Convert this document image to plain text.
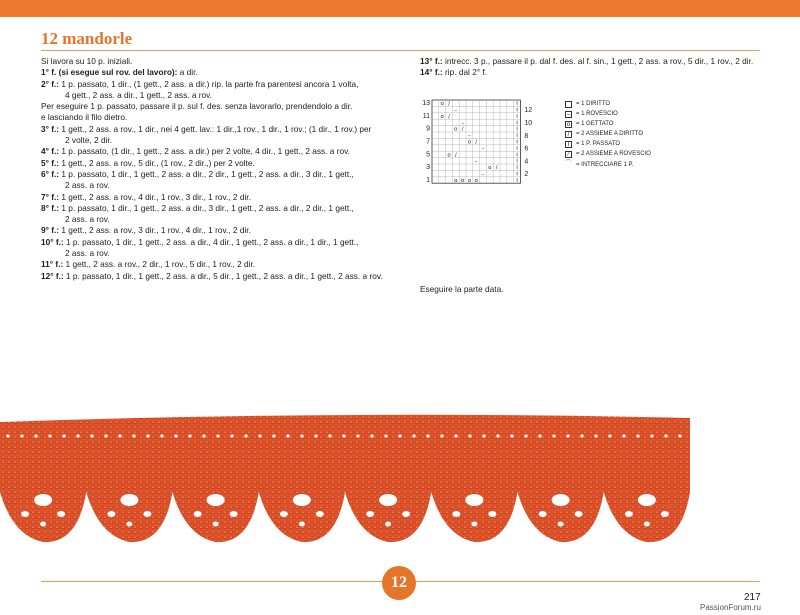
12 mandorle
Si lavora su 10 p. iniziali.
1° f. (si esegue sul rov. del lavoro): a dir.
2° f.: 1 p. passato, 1 dir., (1 gett., 2 ass. a dir.) rip. la parte fra parentesi ancora 1 volta,
4 gett., 2 ass. a dir., 1 gett., 2 ass. a rov.
Per eseguire 1 p. passato, passare il p. sul f. des. senza lavorarlo, prendendolo a dir.
e lasciando il filo dietro.
3° f.: 1 gett., 2 ass. a rov., 1 dir., nei 4 gett. lav.: 1 dir.,1 rov., 1 dir., 1 rov.; (1 dir., 1 rov.) per
2 volte, 2 dir.
4° f.: 1 p. passato, (1 dir., 1 gett., 2 ass. a dir.) per 2 volte, 4 dir., 1 gett., 2 ass. a rov.
5° f.: 1 gett., 2 ass. a rov., 5 dir., (1 rov., 2 dir.,) per 2 volte.
6° f.: 1 p. passato, 1 dir., 1 gett., 2 ass. a dir., 2 dir., 1 gett., 2 ass. a dir., 3 dir., 1 gett.,
2 ass. a rov.
7° f.: 1 gett., 2 ass. a rov., 4 dir., 1 rov., 3 dir., 1 rov., 2 dir.
8° f.: 1 p. passato, 1 dir., 1 gett., 2 ass. a dir., 3 dir., 1 gett., 2 ass. a dir., 2 dir., 1 gett.,
2 ass. a rov.
9° f.: 1 gett., 2 ass. a rov., 3 dir., 1 rov., 4 dir., 1 rov., 2 dir.
10° f.: 1 p. passato, 1 dir., 1 gett., 2 ass. a dir., 4 dir., 1 gett., 2 ass. a dir., 1 dir., 1 gett.,
2 ass. a rov.
11° f.: 1 gett., 2 ass. a rov., 2 dir., 1 rov., 5 dir., 1 rov., 2 dir.
12° f.: 1 p. passato, 1 dir., 1 gett., 2 ass. a dir., 5 dir., 1 gett., 2 ass. a dir., 1 gett., 2 ass. a rov.
13° f.: intrecc. 3 p., passare il p. dal f. des. al f. sin., 1 gett., 2 ass. a rov., 5 dir., 1 rov., 2 dir.
14° f.: rip. dal 2° f.
o /
–
o /
–
o /
–
o /
–
o /
–
o /
–
o o o o
I
I
I
I
I
I
I
I
I
I
I
I
I
13
11
9
7
5
3
1
12
10
8
6
4
2
= 1 DIRITTO
– = 1 ROVESCIO
o = 1 GETTATO
/	= 2 ASSIEME A DIRITTO
I	= 1 P. PASSATO
⁄	= 2 ASSIEME A ROVESCIO
⌒ = INTRECCIARE 1 P.
Eseguire la parte data.
12
217
PassionForum.ru
